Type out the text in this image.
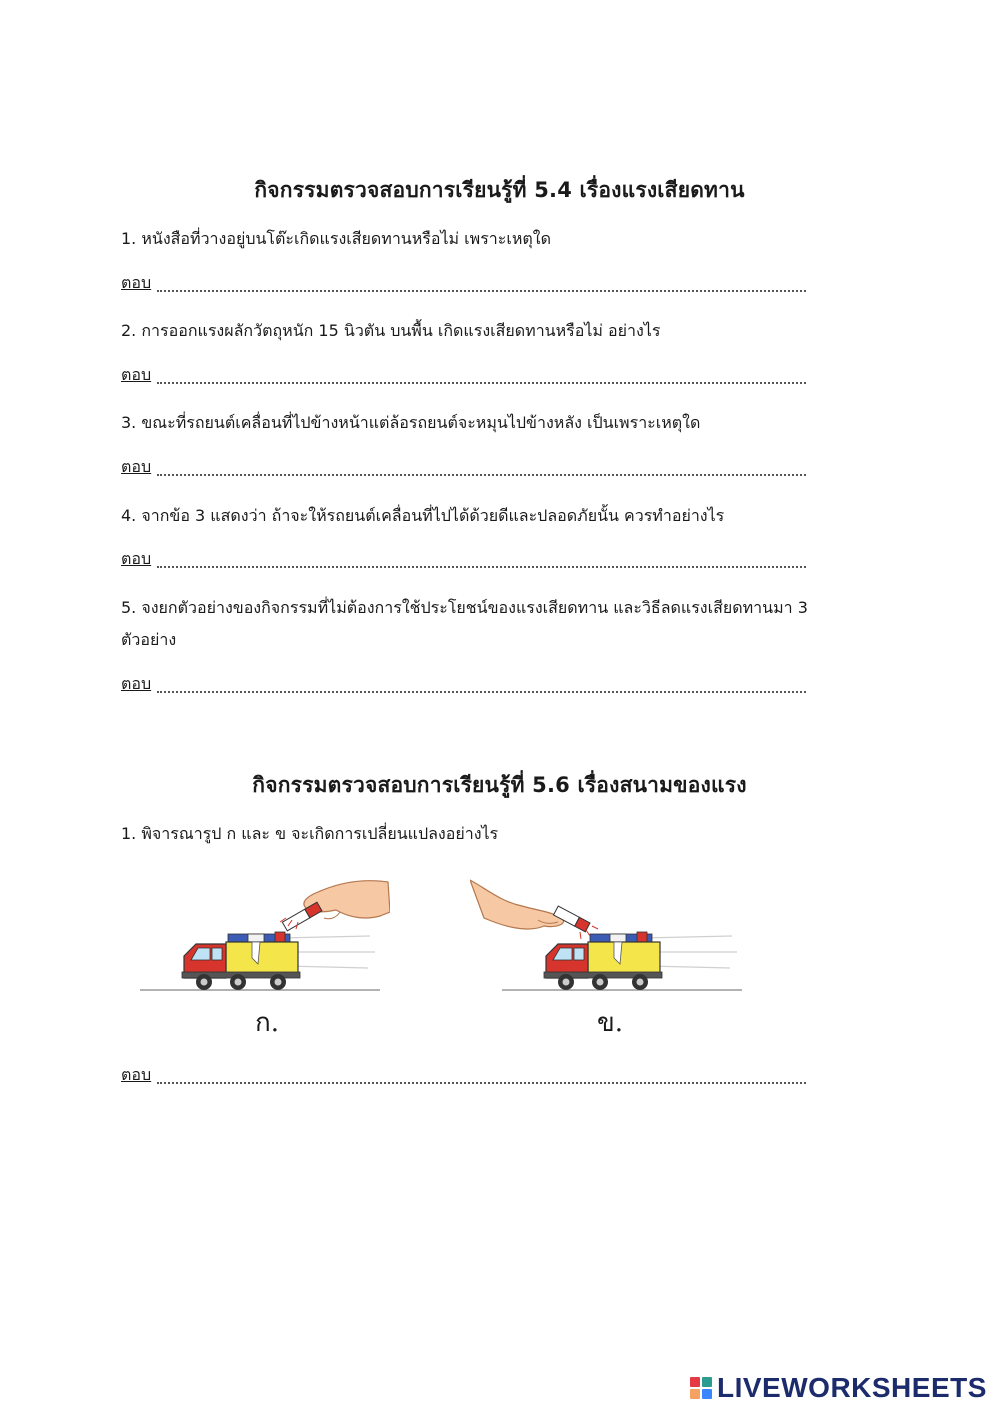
กิจกรรมตรวจสอบการเรียนรู้ที่ 5.4 เรื่องแรงเสียดทาน
1. หนังสือที่วางอยู่บนโต๊ะเกิดแรงเสียดทานหรือไม่ เพราะเหตุใด
ตอบ
2. การออกแรงผลักวัตถุหนัก 15 นิวตัน บนพื้น เกิดแรงเสียดทานหรือไม่ อย่างไร
ตอบ
3. ขณะที่รถยนต์เคลื่อนที่ไปข้างหน้าแต่ล้อรถยนต์จะหมุนไปข้างหลัง เป็นเพราะเหตุใด
ตอบ
4. จากข้อ 3 แสดงว่า ถ้าจะให้รถยนต์เคลื่อนที่ไปได้ด้วยดีและปลอดภัยนั้น ควรทำอย่างไร
ตอบ
5. จงยกตัวอย่างของกิจกรรมที่ไม่ต้องการใช้ประโยชน์ของแรงเสียดทาน และวิธีลดแรงเสียดทานมา 3 ตัวอย่าง
ตอบ
กิจกรรมตรวจสอบการเรียนรู้ที่ 5.6 เรื่องสนามของแรง
1. พิจารณารูป ก และ ข จะเกิดการเปลี่ยนแปลงอย่างไร
ก.	ข.
ตอบ
LIVEWORKSHEETS
